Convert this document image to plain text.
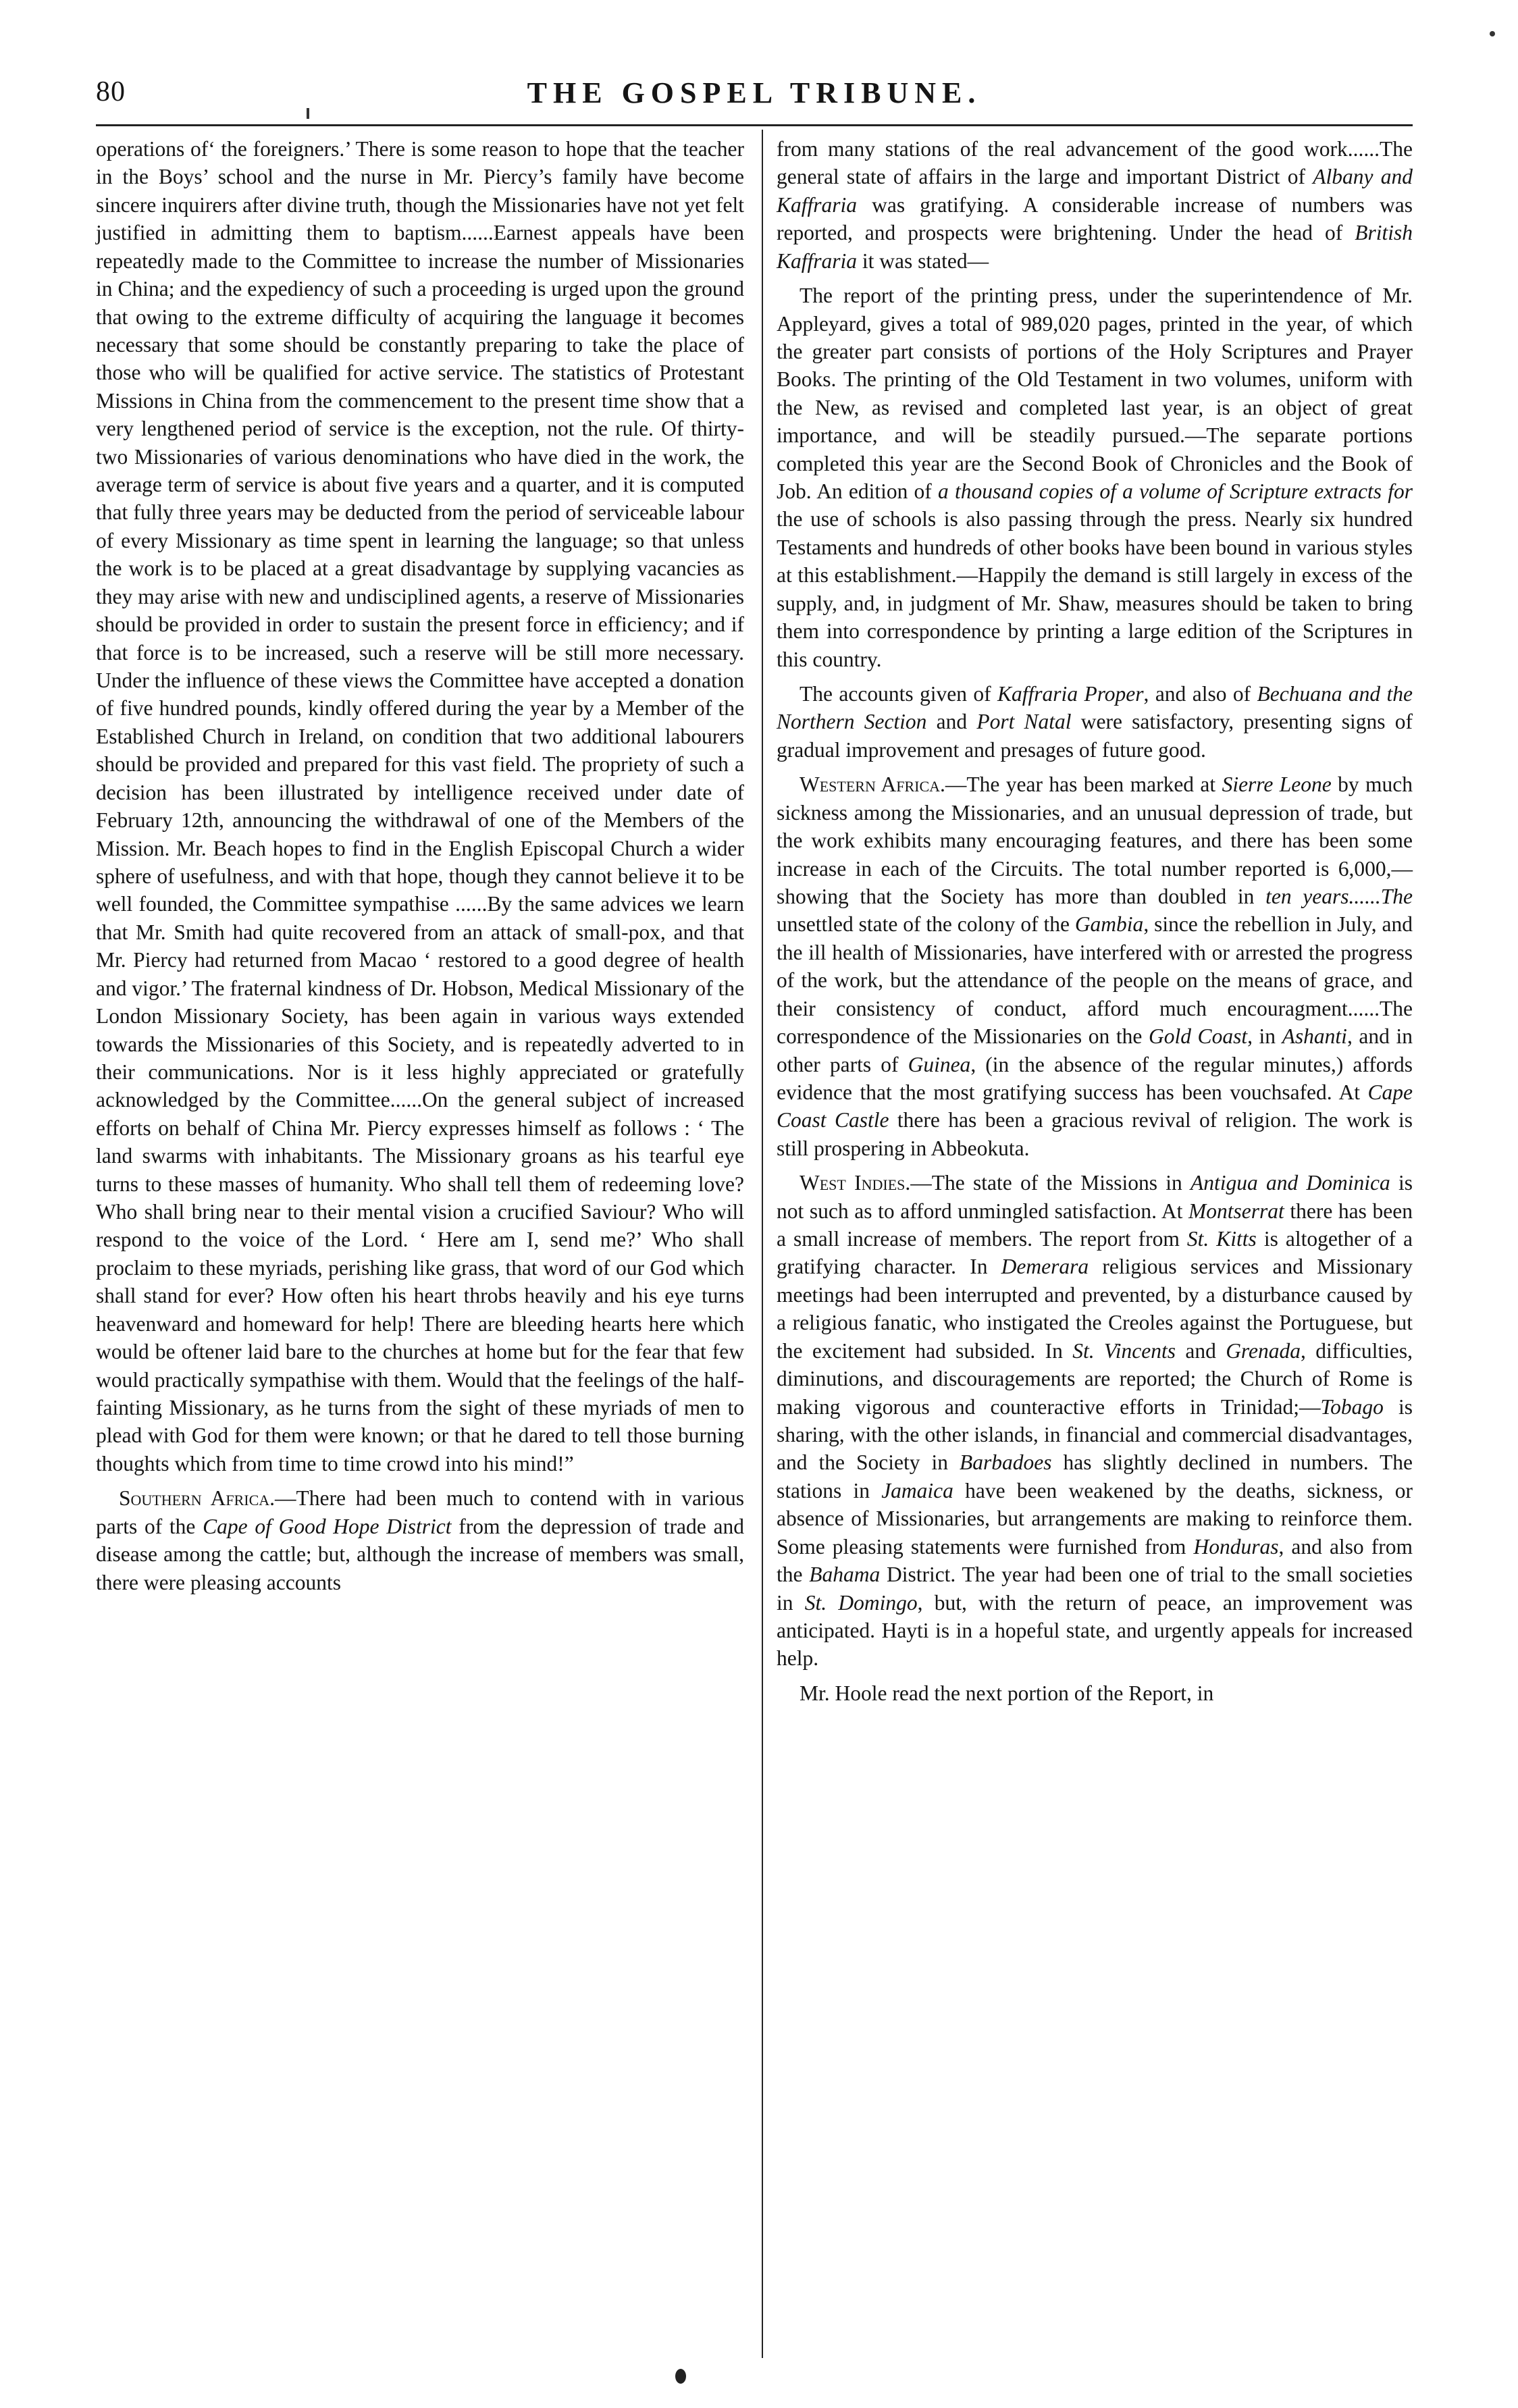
80	THE GOSPEL TRIBUNE.

operations of‘ the foreigners.’ There is some reason to hope that the teacher in the Boys’ school and the nurse in Mr. Piercy’s family have become sincere inquirers after divine truth, though the Missionaries have not yet felt justified in admitting them to baptism......Earnest appeals have been repeatedly made to the Committee to increase the number of Missionaries in China; and the expediency of such a proceeding is urged upon the ground that owing to the extreme difficulty of acquiring the language it becomes necessary that some should be constantly preparing to take the place of those who will be qualified for active service. The statistics of Protestant Missions in China from the commencement to the present time show that a very lengthened period of service is the exception, not the rule. Of thirty-two Missionaries of various denominations who have died in the work, the average term of service is about five years and a quarter, and it is computed that fully three years may be deducted from the period of serviceable labour of every Missionary as time spent in learning the language; so that unless the work is to be placed at a great disadvantage by supplying vacancies as they may arise with new and undisciplined agents, a reserve of Missionaries should be provided in order to sustain the present force in efficiency; and if that force is to be increased, such a reserve will be still more necessary. Under the influence of these views the Committee have accepted a donation of five hundred pounds, kindly offered during the year by a Member of the Established Church in Ireland, on condition that two additional labourers should be provided and prepared for this vast field. The propriety of such a decision has been illustrated by intelligence received under date of February 12th, announcing the withdrawal of one of the Members of the Mission. Mr. Beach hopes to find in the English Episcopal Church a wider sphere of usefulness, and with that hope, though they cannot believe it to be well founded, the Committee sympathise ......By the same advices we learn that Mr. Smith had quite recovered from an attack of small-pox, and that Mr. Piercy had returned from Macao ‘ restored to a good degree of health and vigor.’ The fraternal kindness of Dr. Hobson, Medical Missionary of the London Missionary Society, has been again in various ways extended towards the Missionaries of this Society, and is repeatedly adverted to in their communications. Nor is it less highly appreciated or gratefully acknowledged by the Committee......On the general subject of increased efforts on behalf of China Mr. Piercy expresses himself as follows : ‘ The land swarms with inhabitants. The Missionary groans as his tearful eye turns to these masses of humanity. Who shall tell them of redeeming love? Who shall bring near to their mental vision a crucified Saviour? Who will respond to the voice of the Lord. ‘ Here am I, send me?’ Who shall proclaim to these myriads, perishing like grass, that word of our God which shall stand for ever? How often his heart throbs heavily and his eye turns heavenward and homeward for help! There are bleeding hearts here which would be oftener laid bare to the churches at home but for the fear that few would practically sympathise with them. Would that the feelings of the half-fainting Missionary, as he turns from the sight of these myriads of men to plead with God for them were known; or that he dared to tell those burning thoughts which from time to time crowd into his mind!”

Southern Africa.—There had been much to contend with in various parts of the Cape of Good Hope District from the depression of trade and disease among the cattle; but, although the increase of members was small, there were pleasing accounts

from many stations of the real advancement of the good work......The general state of affairs in the large and important District of Albany and Kaffraria was gratifying. A considerable increase of numbers was reported, and prospects were brightening. Under the head of British Kaffraria it was stated—

The report of the printing press, under the superintendence of Mr. Appleyard, gives a total of 989,020 pages, printed in the year, of which the greater part consists of portions of the Holy Scriptures and Prayer Books. The printing of the Old Testament in two volumes, uniform with the New, as revised and completed last year, is an object of great importance, and will be steadily pursued.—The separate portions completed this year are the Second Book of Chronicles and the Book of Job. An edition of a thousand copies of a volume of Scripture extracts for the use of schools is also passing through the press. Nearly six hundred Testaments and hundreds of other books have been bound in various styles at this establishment.—Happily the demand is still largely in excess of the supply, and, in judgment of Mr. Shaw, measures should be taken to bring them into correspondence by printing a large edition of the Scriptures in this country.

The accounts given of Kaffraria Proper, and also of Bechuana and the Northern Section and Port Natal were satisfactory, presenting signs of gradual improvement and presages of future good.

Western Africa.—The year has been marked at Sierre Leone by much sickness among the Missionaries, and an unusual depression of trade, but the work exhibits many encouraging features, and there has been some increase in each of the Circuits. The total number reported is 6,000,—showing that the Society has more than doubled in ten years......The unsettled state of the colony of the Gambia, since the rebellion in July, and the ill health of Missionaries, have interfered with or arrested the progress of the work, but the attendance of the people on the means of grace, and their consistency of conduct, afford much encouragment......The correspondence of the Missionaries on the Gold Coast, in Ashanti, and in other parts of Guinea, (in the absence of the regular minutes,) affords evidence that the most gratifying success has been vouchsafed. At Cape Coast Castle there has been a gracious revival of religion. The work is still prospering in Abbeokuta.

West Indies.—The state of the Missions in Antigua and Dominica is not such as to afford unmingled satisfaction. At Montserrat there has been a small increase of members. The report from St. Kitts is altogether of a gratifying character. In Demerara religious services and Missionary meetings had been interrupted and prevented, by a disturbance caused by a religious fanatic, who instigated the Creoles against the Portuguese, but the excitement had subsided. In St. Vincents and Grenada, difficulties, diminutions, and discouragements are reported; the Church of Rome is making vigorous and counteractive efforts in Trinidad;—Tobago is sharing, with the other islands, in financial and commercial disadvantages, and the Society in Barbadoes has slightly declined in numbers. The stations in Jamaica have been weakened by the deaths, sickness, or absence of Missionaries, but arrangements are making to reinforce them. Some pleasing statements were furnished from Honduras, and also from the Bahama District. The year had been one of trial to the small societies in St. Domingo, but, with the return of peace, an improvement was anticipated. Hayti is in a hopeful state, and urgently appeals for increased help.

Mr. Hoole read the next portion of the Report, in
